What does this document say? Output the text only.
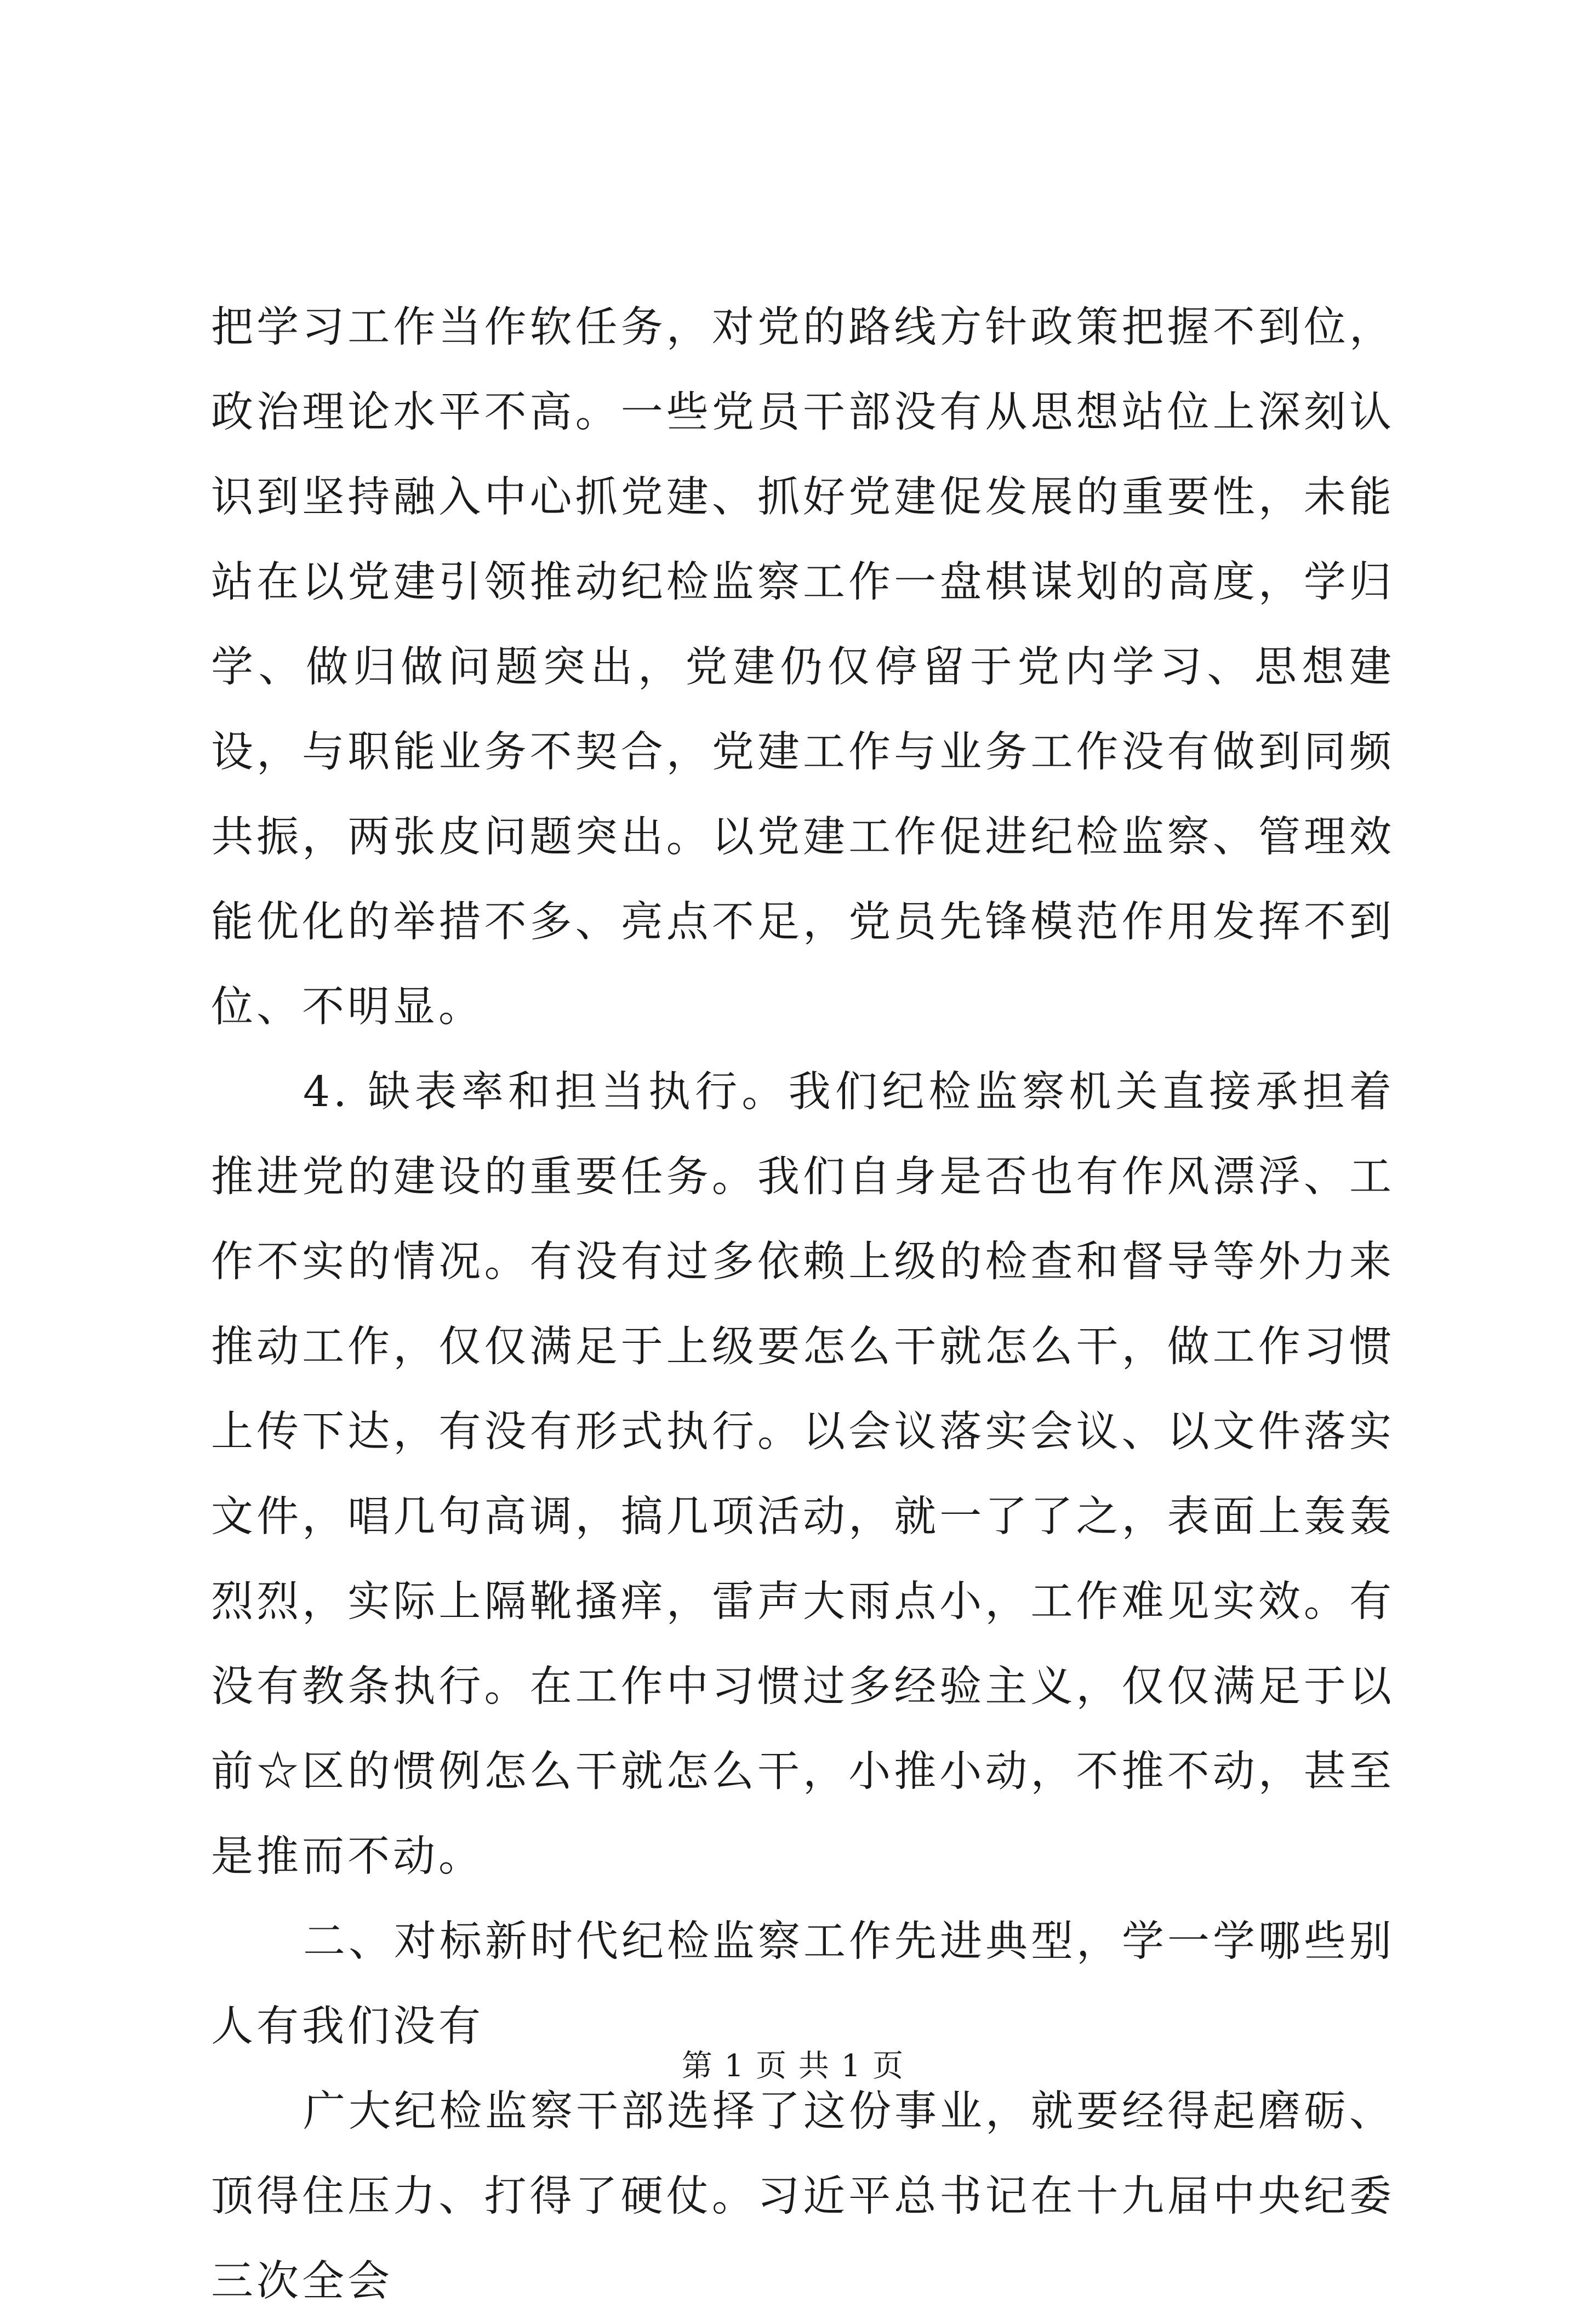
把学习工作当作软任务，对党的路线方针政策把握不到位，政治理论水平不高。一些党员干部没有从思想站位上深刻认识到坚持融入中心抓党建、抓好党建促发展的重要性，未能站在以党建引领推动纪检监察工作一盘棋谋划的高度，学归学、做归做问题突出，党建仍仅停留于党内学习、思想建设，与职能业务不契合，党建工作与业务工作没有做到同频共振，两张皮问题突出。以党建工作促进纪检监察、管理效能优化的举措不多、亮点不足，党员先锋模范作用发挥不到位、不明显。

4. 缺表率和担当执行。我们纪检监察机关直接承担着推进党的建设的重要任务。我们自身是否也有作风漂浮、工作不实的情况。有没有过多依赖上级的检查和督导等外力来推动工作，仅仅满足于上级要怎么干就怎么干，做工作习惯上传下达，有没有形式执行。以会议落实会议、以文件落实文件，唱几句高调，搞几项活动，就一了了之，表面上轰轰烈烈，实际上隔靴搔痒，雷声大雨点小，工作难见实效。有没有教条执行。在工作中习惯过多经验主义，仅仅满足于以前☆区的惯例怎么干就怎么干，小推小动，不推不动，甚至是推而不动。

二、对标新时代纪检监察工作先进典型，学一学哪些别人有我们没有

广大纪检监察干部选择了这份事业，就要经得起磨砺、顶得住压力、打得了硬仗。习近平总书记在十九届中央纪委三次全会

第 1 页 共 1 页
